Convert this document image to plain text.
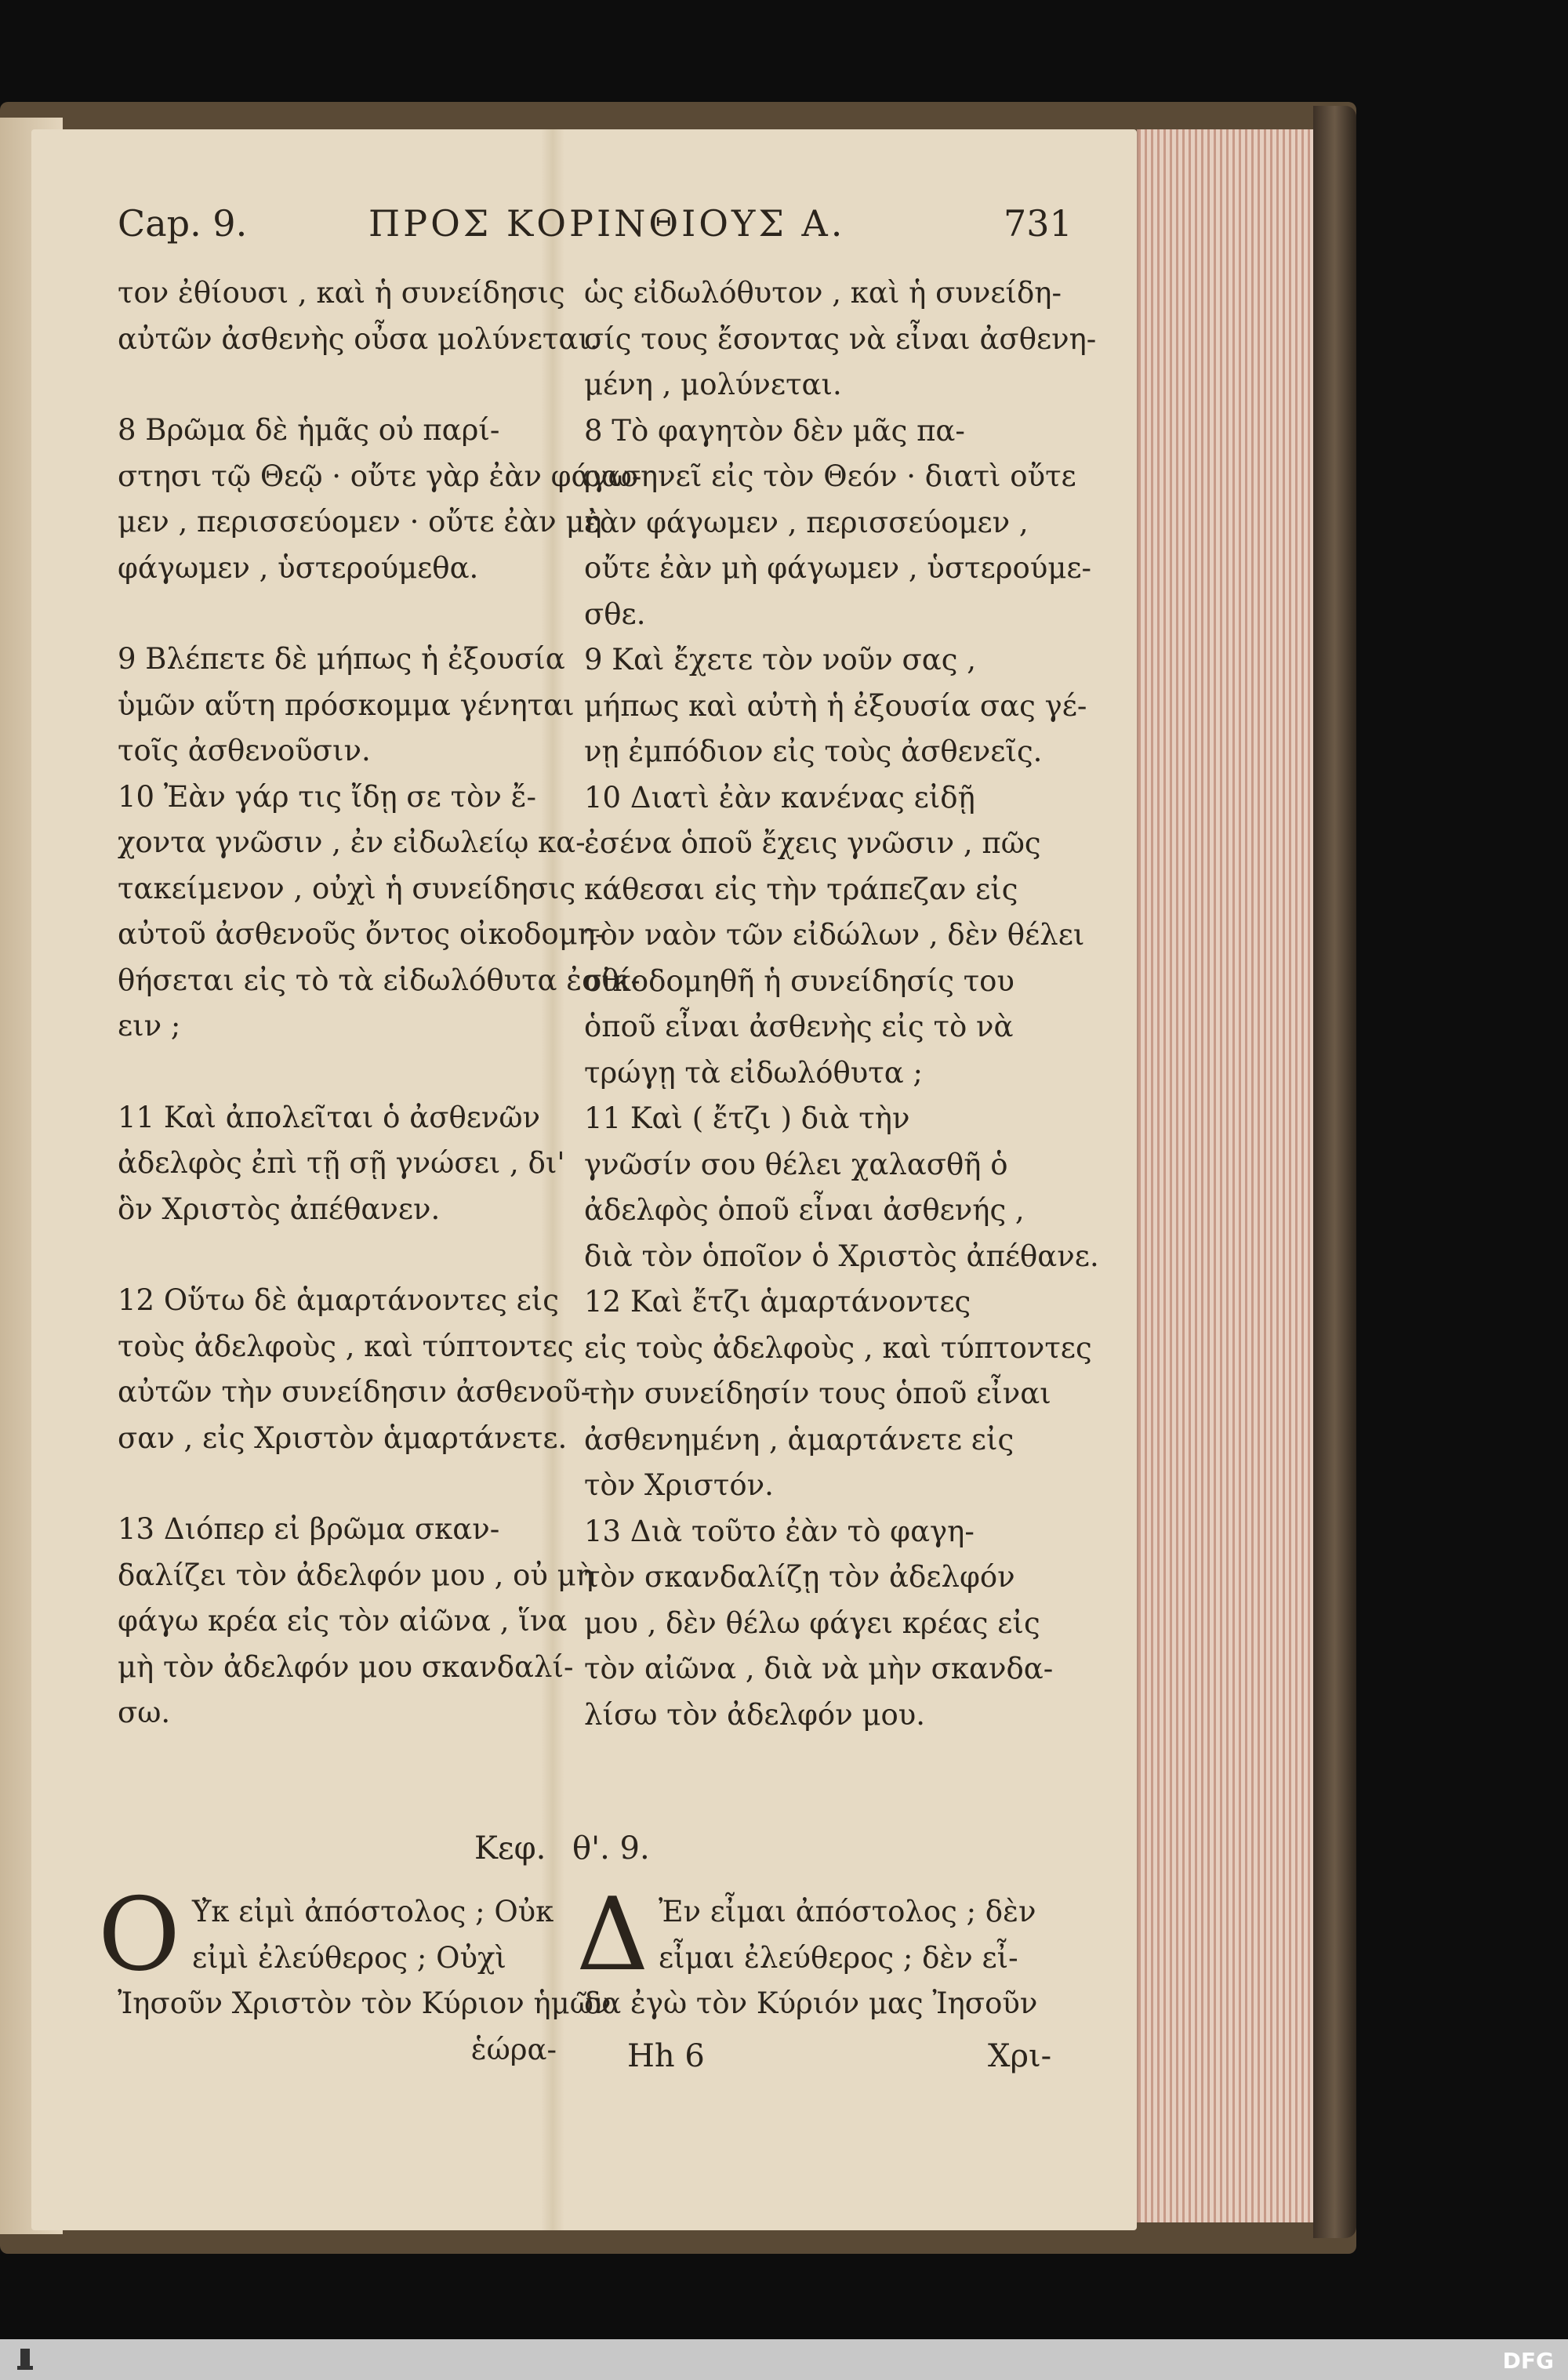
Cap. 9.	ΠΡΟΣ ΚΟΡΙΝΘΙΟΥΣ Α.	731
τον ἐθίουσι , καὶ ἡ συνείδησις
αὐτῶν ἀσθενὴς οὖσα μολύνεται.
8 Βρῶμα δὲ ἡμᾶς οὐ παρί-
στησι τῷ Θεῷ · οὔτε γὰρ ἐὰν φάγω-
μεν , περισσεύομεν · οὔτε ἐὰν μὴ
φάγωμεν , ὑστερούμεθα.
9 Βλέπετε δὲ μήπως ἡ ἐξουσία
ὑμῶν αὕτη πρόσκομμα γένηται
τοῖς ἀσθενοῦσιν.
10 Ἐὰν γάρ τις ἴδῃ σε τὸν ἔ-
χοντα γνῶσιν , ἐν εἰδωλείῳ κα-
τακείμενον , οὐχὶ ἡ συνείδησις
αὐτοῦ ἀσθενοῦς ὄντος οἰκοδομη-
θήσεται εἰς τὸ τὰ εἰδωλόθυτα ἐσθί-
ειν ;
11 Καὶ ἀπολεῖται ὁ ἀσθενῶν
ἀδελφὸς ἐπὶ τῇ σῇ γνώσει , δι'
ὃν Χριστὸς ἀπέθανεν.
12 Οὕτω δὲ ἁμαρτάνοντες εἰς
τοὺς ἀδελφοὺς , καὶ τύπτοντες
αὐτῶν τὴν συνείδησιν ἀσθενοῦ-
σαν , εἰς Χριστὸν ἁμαρτάνετε.
13 Διόπερ εἰ βρῶμα σκαν-
δαλίζει τὸν ἀδελφόν μου , οὐ μὴ
φάγω κρέα εἰς τὸν αἰῶνα , ἵνα
μὴ τὸν ἀδελφόν μου σκανδαλί-
σω.
ὡς εἰδωλόθυτον , καὶ ἡ συνείδη-
σίς τους ἔσοντας νὰ εἶναι ἀσθενη-
μένη , μολύνεται.
8 Τὸ φαγητὸν δὲν μᾶς πα-
ρασηνεῖ εἰς τὸν Θεόν · διατὶ οὔτε
ἐὰν φάγωμεν , περισσεύομεν ,
οὔτε ἐὰν μὴ φάγωμεν , ὑστερούμε-
σθε.
9 Καὶ ἔχετε τὸν νοῦν σας ,
μήπως καὶ αὐτὴ ἡ ἐξουσία σας γέ-
νῃ ἐμπόδιον εἰς τοὺς ἀσθενεῖς.
10 Διατὶ ἐὰν κανένας εἰδῇ
ἐσένα ὁποῦ ἔχεις γνῶσιν , πῶς
κάθεσαι εἰς τὴν τράπεζαν εἰς
τὸν ναὸν τῶν εἰδώλων , δὲν θέλει
οἰκοδομηθῆ ἡ συνείδησίς του
ὁποῦ εἶναι ἀσθενὴς εἰς τὸ νὰ
τρώγῃ τὰ εἰδωλόθυτα ;
11 Καὶ ( ἔτζι ) διὰ τὴν
γνῶσίν σου θέλει χαλασθῆ ὁ
ἀδελφὸς ὁποῦ εἶναι ἀσθενής ,
διὰ τὸν ὁποῖον ὁ Χριστὸς ἀπέθανε.
12 Καὶ ἔτζι ἁμαρτάνοντες
εἰς τοὺς ἀδελφοὺς , καὶ τύπτοντες
τὴν συνείδησίν τους ὁποῦ εἶναι
ἀσθενημένη , ἁμαρτάνετε εἰς
τὸν Χριστόν.
13 Διὰ τοῦτο ἐὰν τὸ φαγη-
τὸν σκανδαλίζῃ τὸν ἀδελφόν
μου , δὲν θέλω φάγει κρέας εἰς
τὸν αἰῶνα , διὰ νὰ μὴν σκανδα-
λίσω τὸν ἀδελφόν μου.
Κεφ. θ'. 9.
O Υ̓κ εἰμὶ ἀπόστολος ; Οὐκ
εἰμὶ ἐλεύθερος ; Οὐχὶ
Ἰησοῦν Χριστὸν τὸν Κύριον ἡμῶν
ἑώρα-
Δ Ἐν εἶμαι ἀπόστολος ; δὲν
εἶμαι ἐλεύθερος ; δὲν εἶ-
δα ἐγὼ τὸν Κύριόν μας Ἰησοῦν
Hh 6	Χρι-
DFG
